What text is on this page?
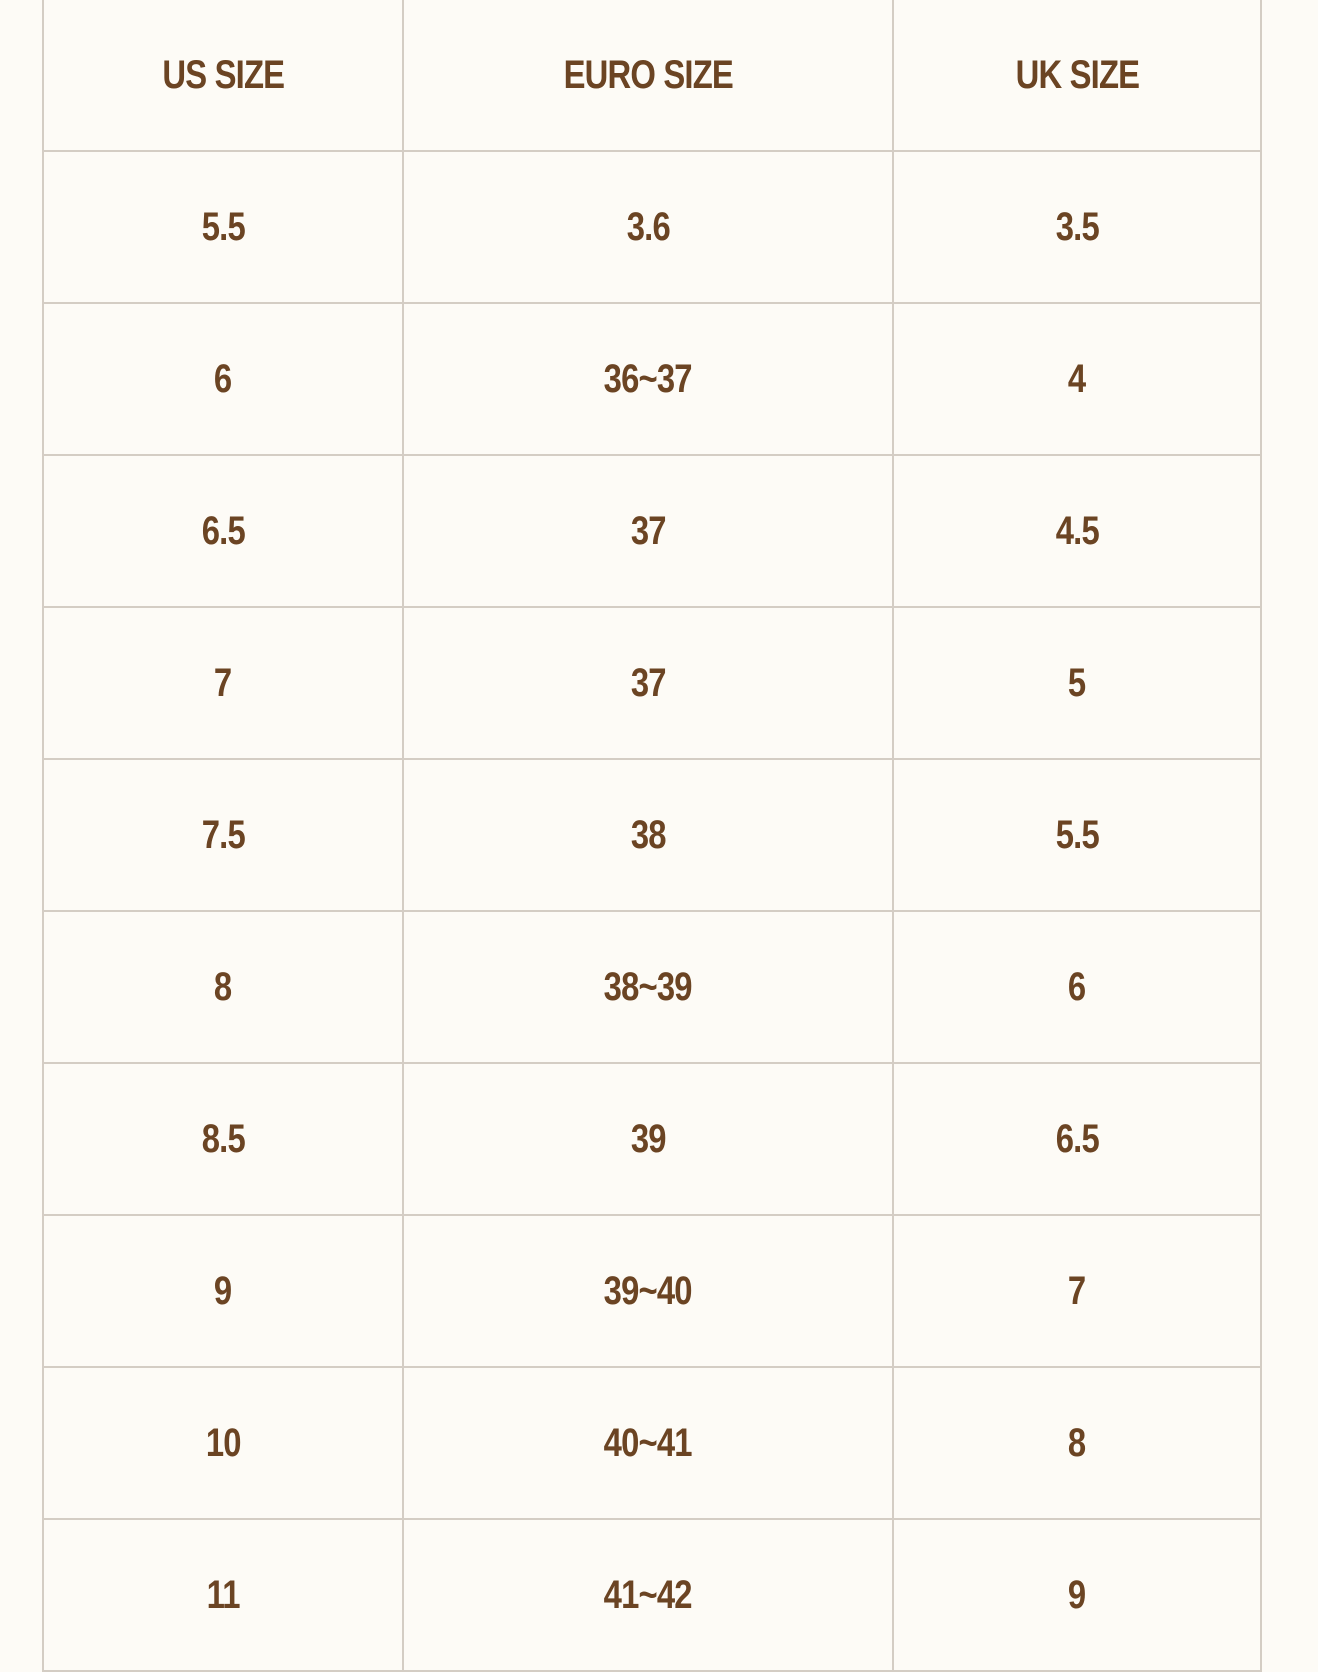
US SIZE	EURO SIZE	UK SIZE
5.5	3.6	3.5
6	36~37	4
6.5	37	4.5
7	37	5
7.5	38	5.5
8	38~39	6
8.5	39	6.5
9	39~40	7
10	40~41	8
11	41~42	9
